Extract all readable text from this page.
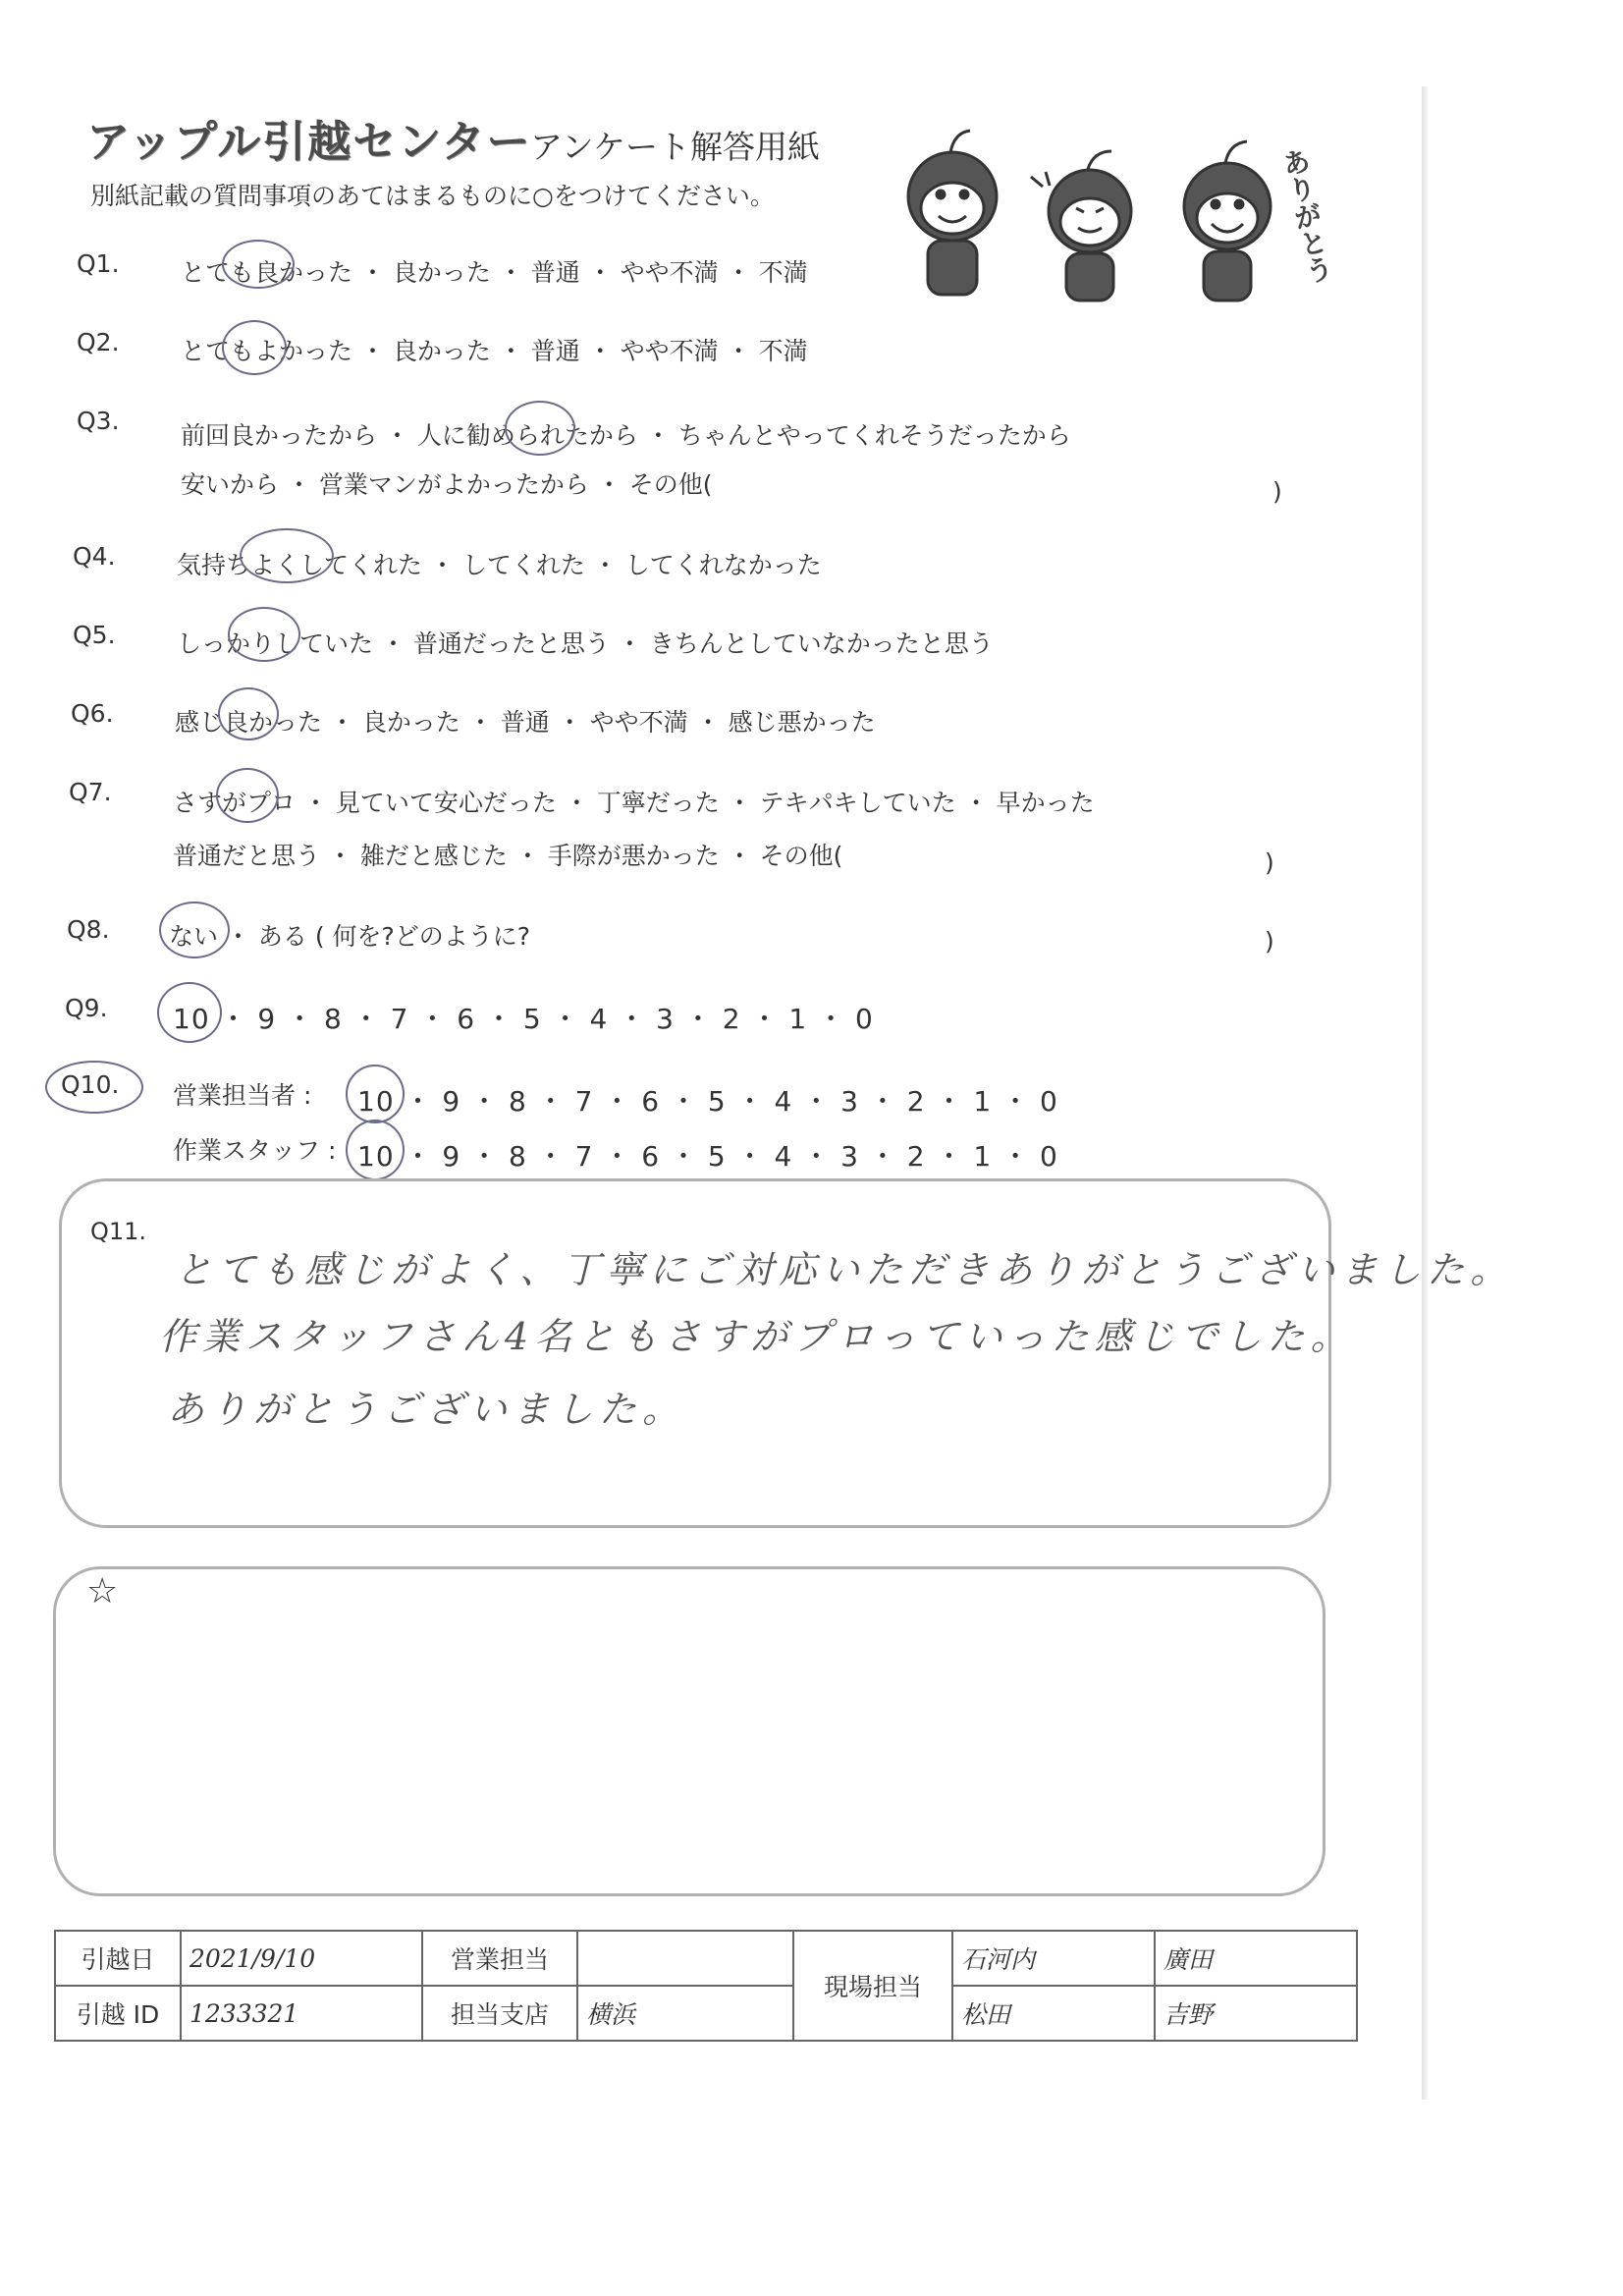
アップル引越センター
アンケート解答用紙
別紙記載の質問事項のあてはまるものに○をつけてください。	ありがとう
Q1. とても良かった ・ 良かった ・ 普通 ・ やや不満 ・ 不満
Q2. とてもよかった ・ 良かった ・ 普通 ・ やや不満 ・ 不満
Q3.
前回良かったから ・ 人に勧められたから ・ ちゃんとやってくれそうだったから
安いから ・ 営業マンがよかったから ・ その他(	)
Q4. 気持ちよくしてくれた ・ してくれた ・ してくれなかった
Q5. しっかりしていた ・ 普通だったと思う ・ きちんとしていなかったと思う
Q6. 感じ良かった ・ 良かった ・ 普通 ・ やや不満 ・ 感じ悪かった
Q7. さすがプロ ・ 見ていて安心だった ・ 丁寧だった ・ テキパキしていた ・ 早かった
普通だと思う ・ 雑だと感じた ・ 手際が悪かった ・ その他(	)
Q8. ない ・ ある ( 何を?どのように?	)
Q9. 10 ・ 9 ・ 8 ・ 7 ・ 6 ・ 5 ・ 4 ・ 3 ・ 2 ・ 1 ・ 0
Q10. 営業担当者 : 10 ・ 9 ・ 8 ・ 7 ・ 6 ・ 5 ・ 4 ・ 3 ・ 2 ・ 1 ・ 0
作業スタッフ : 10 ・ 9 ・ 8 ・ 7 ・ 6 ・ 5 ・ 4 ・ 3 ・ 2 ・ 1 ・ 0
Q11.
とても感じがよく、丁寧にご対応いただきありがとうございました。
作業スタッフさん4名ともさすがプロっていった感じでした。
ありがとうございました。
☆
引越日	2021/9/10	営業担当		現場担当	石河内	廣田
引越 ID	1233321	担当支店	横浜		松田	吉野
